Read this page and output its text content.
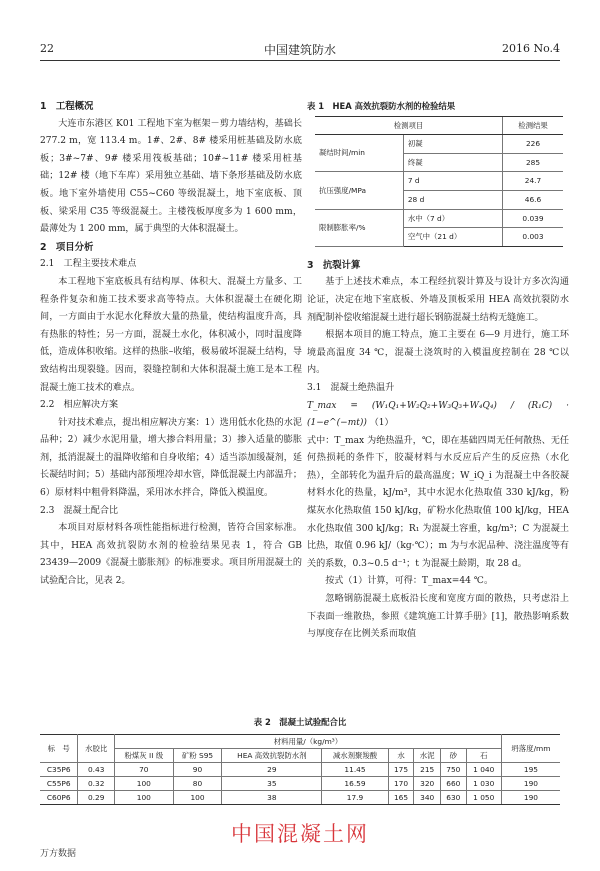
22	中国建筑防水	2016 No.4

1　工程概况

大连市东港区 K01 工程地下室为框架－剪力墙结构，基础长 277.2 m，宽 113.4 m。1#、2#、8# 楼采用桩基础及防水底板；3#~7#、9# 楼采用筏板基础；10#~11# 楼采用桩基础；12# 楼（地下车库）采用独立基础、墙下条形基础及防水底板。地下室外墙使用 C55~C60 等级混凝土，地下室底板、顶板、梁采用 C35 等级混凝土。主楼筏板厚度多为 1 600 mm，最薄处为 1 200 mm，属于典型的大体积混凝土。

2　项目分析

2.1　工程主要技术难点

本工程地下室底板具有结构厚、体积大、混凝土方量多、工程条件复杂和施工技术要求高等特点。大体积混凝土在硬化期间，一方面由于水泥水化释放大量的热量，使结构温度升高，具有热胀的特性；另一方面，混凝土水化，体积减小，同时温度降低，造成体积收缩。这样的热胀–收缩，极易破坏混凝土结构，导致结构出现裂缝。因而，裂缝控制和大体积混凝土施工是本工程混凝土施工技术的难点。

2.2　相应解决方案

针对技术难点，提出相应解决方案：1）选用低水化热的水泥品种；2）减少水泥用量，增大掺合料用量；3）掺入适量的膨胀剂，抵消混凝土的温降收缩和自身收缩；4）适当添加缓凝剂，延长凝结时间；5）基础内部预埋冷却水管，降低混凝土内部温升；6）原材料中粗骨料降温，采用冰水拌合，降低入模温度。

2.3　混凝土配合比

本项目对原材料各项性能指标进行检测，皆符合国家标准。其中，HEA 高效抗裂防水剂的检验结果见表 1，符合 GB 23439—2009《混凝土膨胀剂》的标准要求。项目所用混凝土的试验配合比，见表 2。

表 1　HEA 高效抗裂防水剂的检验结果

检测项目		检测结果
凝结时间/min	初凝	226
	终凝	285
抗压强度/MPa	7 d	24.7
	28 d	46.6
限制膨胀率/%	水中（7 d）	0.039
	空气中（21 d）	0.003

3　抗裂计算

基于上述技术难点，本工程经抗裂计算及与设计方多次沟通论证，决定在地下室底板、外墙及顶板采用 HEA 高效抗裂防水剂配制补偿收缩混凝土进行超长钢筋混凝土结构无缝施工。

根据本项目的施工特点，施工主要在 6—9 月进行，施工环境最高温度 34 ℃，混凝土浇筑时的入模温度控制在 28 ℃以内。

3.1　混凝土绝热温升

T_max = (W₁Q₁+W₂Q₂+W₃Q₃+W₄Q₄) / (R₁C) · (1−e^(−mt)) （1）

式中：T_max 为绝热温升，℃，即在基础四周无任何散热、无任何热损耗的条件下，胶凝材料与水反应后产生的反应热（水化热），全部转化为温升后的最高温度；W_iQ_i 为混凝土中各胶凝材料水化的热量，kJ/m³，其中水泥水化热取值 330 kJ/kg，粉煤灰水化热取值 150 kJ/kg，矿粉水化热取值 100 kJ/kg，HEA 水化热取值 300 kJ/kg；R₁ 为混凝土容重，kg/m³；C 为混凝土比热，取值 0.96 kJ/（kg·℃）；m 为与水泥品种、浇注温度等有关的系数，0.3~0.5 d⁻¹；t 为混凝土龄期，取 28 d。

按式（1）计算，可得：T_max=44 ℃。

忽略钢筋混凝土底板沿长度和宽度方面的散热，只考虑沿上下表面一维散热，参照《建筑施工计算手册》[1]，散热影响系数与厚度存在比例关系而取值

表 2　混凝土试验配合比
标　号	水胶比	材料用量/（kg/m³）								坍落度/mm
		粉煤灰 II 级	矿粉 S95	HEA 高效抗裂防水剂	减水剂聚羧酸	水	水泥	砂	石	
C35P6	0.43	70	90	29	11.45	175	215	750	1 040	195
C55P6	0.32	100	80	35	16.59	170	320	660	1 030	190
C60P6	0.29	100	100	38	17.9	165	340	630	1 050	190
中国混凝土网
万方数据
